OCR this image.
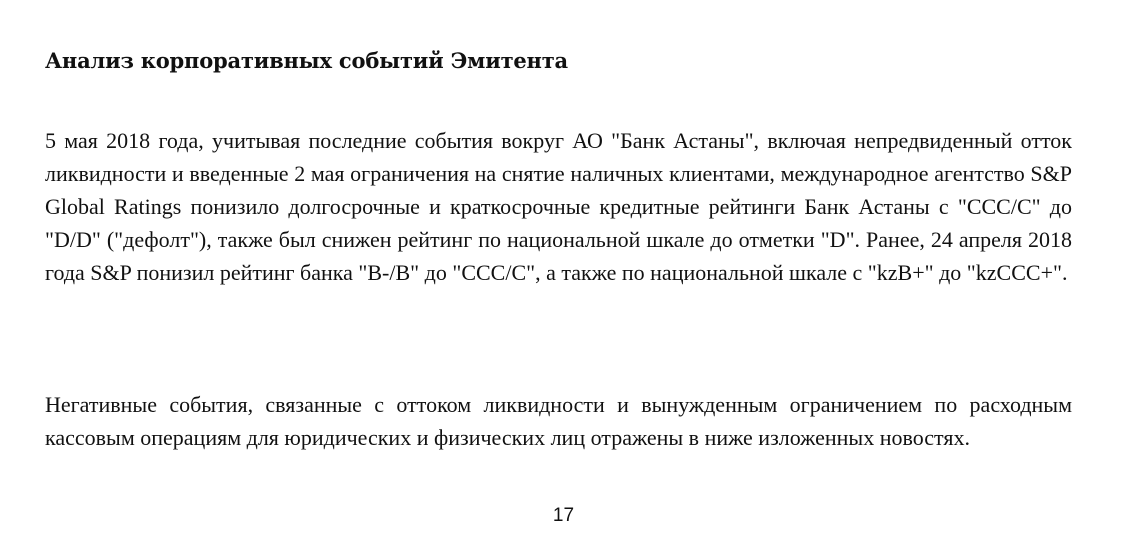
Анализ корпоративных событий Эмитента

5 мая 2018 года, учитывая последние события вокруг АО "Банк Астаны", включая непредвиденный отток ликвидности и введенные 2 мая ограничения на снятие наличных клиентами, международное агентство S&P Global Ratings понизило долгосрочные и краткосрочные кредитные рейтинги Банк Астаны с "CCC/C" до "D/D" ("дефолт"), также был снижен рейтинг по национальной шкале до отметки "D". Ранее, 24 апреля 2018 года S&P понизил рейтинг банка "B-/B" до "CCC/C", а также по национальной шкале с "kzB+" до "kzCCC+".

Негативные события, связанные с оттоком ликвидности и вынужденным ограничением по расходным кассовым операциям для юридических и физических лиц отражены в ниже изложенных новостях.

17
